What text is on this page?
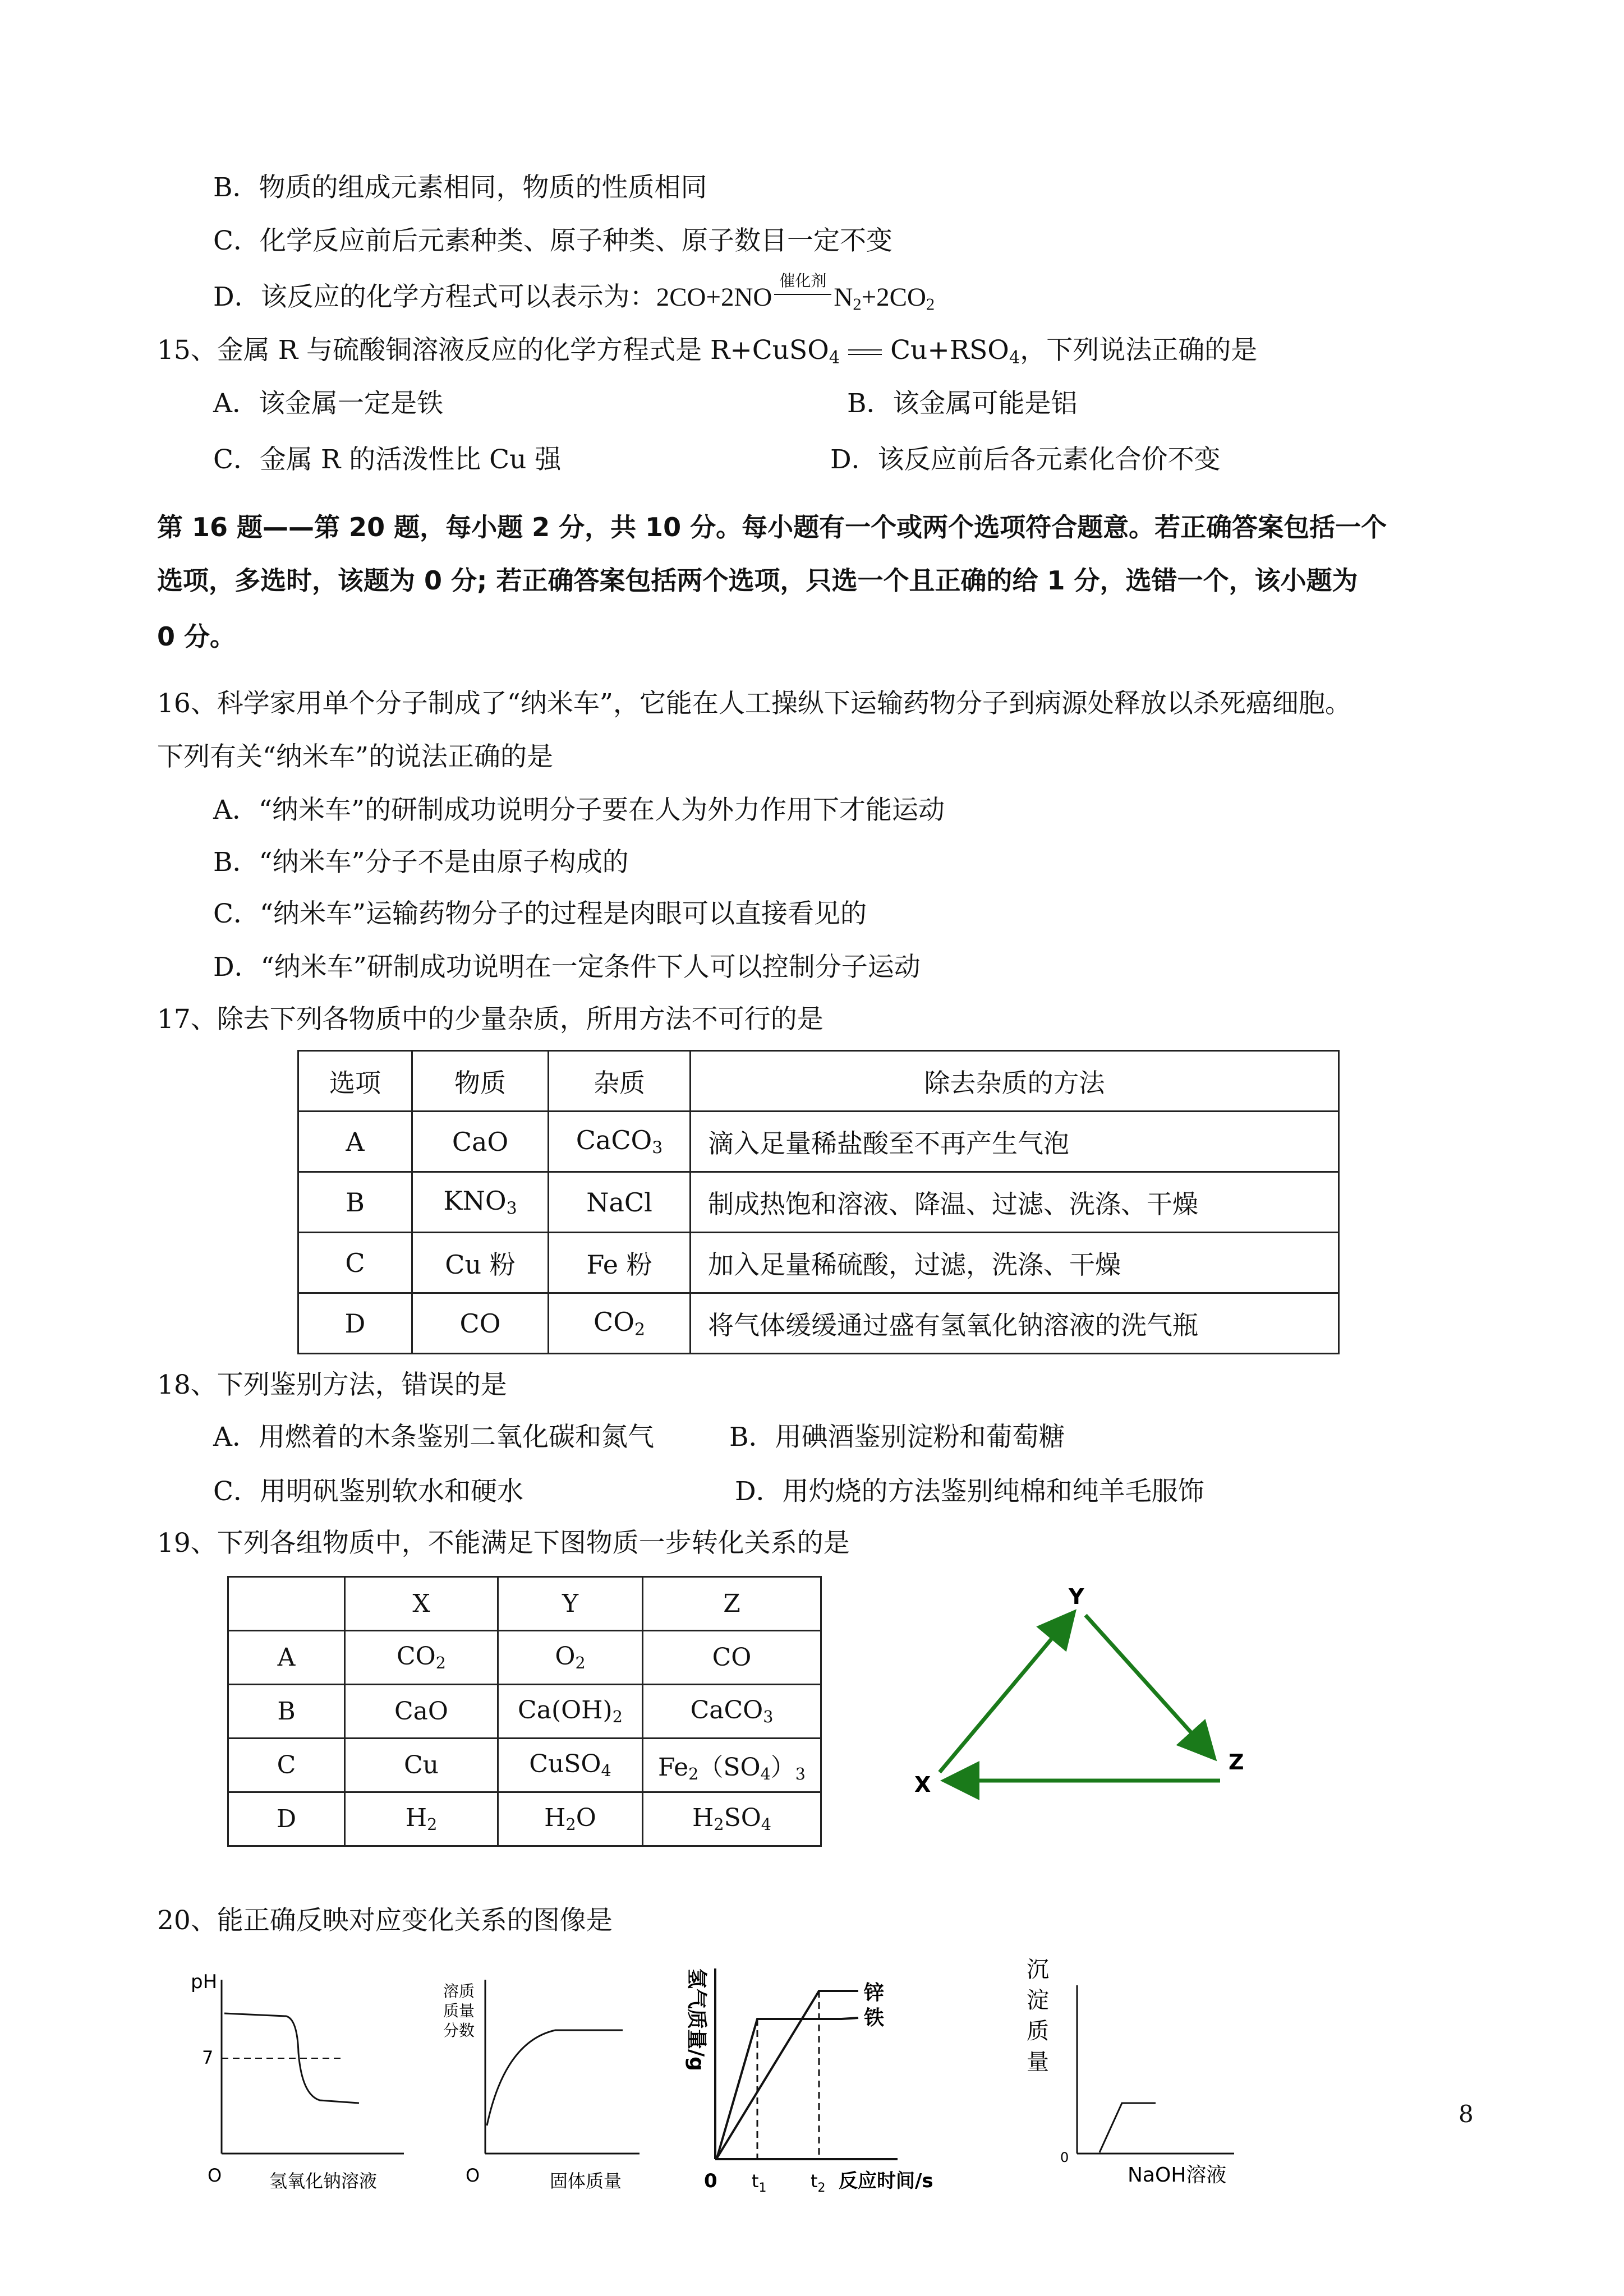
B．物质的组成元素相同，物质的性质相同
C．化学反应前后元素种类、原子种类、原子数目一定不变
D．该反应的化学方程式可以表示为：2CO+2NO
催化剂
$N_2+2CO_2$
15、金属 R 与硫酸铜溶液反应的化学方程式是 R+CuSO$_4$ $Cu+RSO_4$，下列说法正确的是
A．该金属一定是铁	B．该金属可能是铝
C．金属 R 的活泼性比 Cu 强	D．该反应前后各元素化合价不变
第 16 题——第 20 题，每小题 2 分，共 10 分。每小题有一个或两个选项符合题意。若正确答案包括一个
选项，多选时，该题为 0 分; 若正确答案包括两个选项，只选一个且正确的给 1 分，选错一个，该小题为
0 分。
16、科学家用单个分子制成了“纳米车”，它能在人工操纵下运输药物分子到病源处释放以杀死癌细胞。
下列有关“纳米车”的说法正确的是
A．“纳米车”的研制成功说明分子要在人为外力作用下才能运动
B．“纳米车”分子不是由原子构成的
C．“纳米车”运输药物分子的过程是肉眼可以直接看见的
D．“纳米车”研制成功说明在一定条件下人可以控制分子运动
17、除去下列各物质中的少量杂质，所用方法不可行的是
选项	物质	杂质	除去杂质的方法
A	CaO	CaCO$_3$	滴入足量稀盐酸至不再产生气泡
B	$KNO_3$	NaCl	制成热饱和溶液、降温、过滤、洗涤、干燥
C	Cu 粉	Fe 粉	加入足量稀硫酸，过滤，洗涤、干燥
D	CO	$CO_2$	将气体缓缓通过盛有氢氧化钠溶液的洗气瓶
18、下列鉴别方法，错误的是
A．用燃着的木条鉴别二氧化碳和氮气	B．用碘酒鉴别淀粉和葡萄糖
C．用明矾鉴别软水和硬水	D．用灼烧的方法鉴别纯棉和纯羊毛服饰
19、下列各组物质中，不能满足下图物质一步转化关系的是
	X	Y	Z
A	$CO_2$	$O_2$	CO
B	CaO	$Ca(OH)_2$	CaCO$_3$
C	Cu	CuSO$_4$	$Fe_2(SO_4)_3$
D	$H_2$	$H_2O$	$H_2SO_4$
Y
X
Z
20、能正确反映对应变化关系的图像是
pH
7
O	氢氧化钠溶液
溶质
质量
分数
O	固体质量
氢气质量/g	锌
铁
0 $t_1$ $t_2$ 反应时间/s
沉
淀
质
量
0
NaOH溶液
8
